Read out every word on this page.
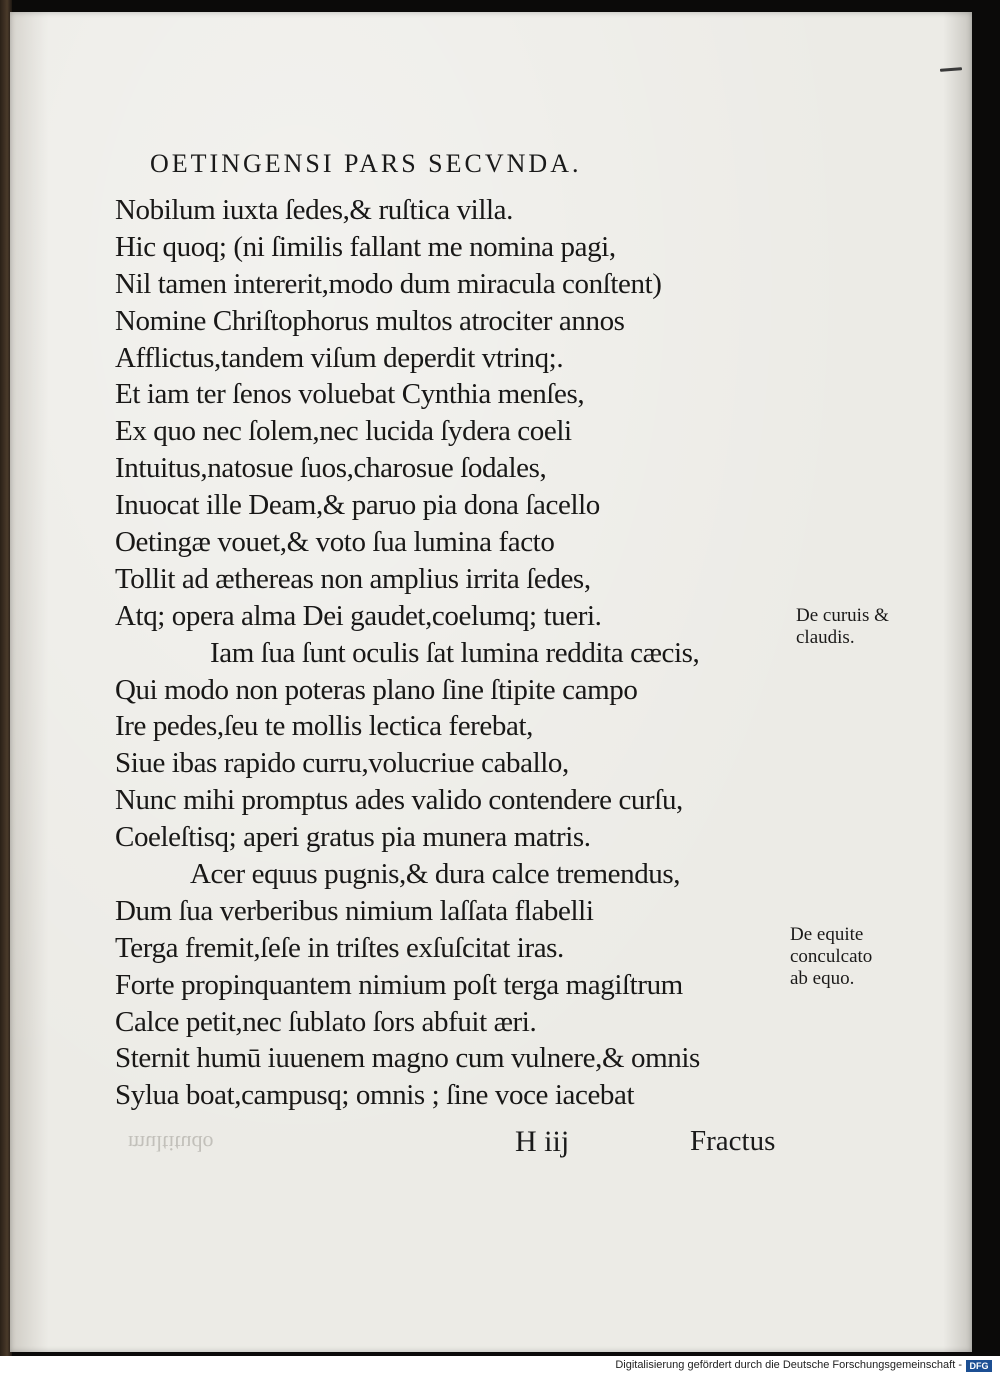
OETINGENSI PARS SECVNDA.
Nobilum iuxta ſedes,& ruſtica villa.
Hic quoq; (ni ſimilis fallant me nomina pagi,
Nil tamen intererit,modo dum miracula conſtent)
Nomine Chriſtophorus multos atrociter annos
Afflictus,tandem viſum deperdit vtrinq;.
Et iam ter ſenos voluebat Cynthia menſes,
Ex quo nec ſolem,nec lucida ſydera coeli
Intuitus,natosue ſuos,charosue ſodales,
Inuocat ille Deam,& paruo pia dona ſacello
Oetingæ vouet,& voto ſua lumina facto
Tollit ad æthereas non amplius irrita ſedes,
Atq; opera alma Dei gaudet,coelumq; tueri.
Iam ſua ſunt oculis ſat lumina reddita cæcis,
Qui modo non poteras plano ſine ſtipite campo
Ire pedes,ſeu te mollis lectica ferebat,
Siue ibas rapido curru,volucriue caballo,
Nunc mihi promptus ades valido contendere curſu,
Coeleſtisq; aperi gratus pia munera matris.
Acer equus pugnis,& dura calce tremendus,
Dum ſua verberibus nimium laſſata flabelli
Terga fremit,ſeſe in triſtes exſuſcitat iras.
Forte propinquantem nimium poſt terga magiſtrum
Calce petit,nec ſublato ſors abfuit æri.
Sternit humū iuuenem magno cum vulnere,& omnis
Sylua boat,campusq; omnis ; ſine voce iacebat
De curuis &
claudis.
De equite
conculcato
ab equo.
multitudo	H iij	Fractus
Digitalisierung gefördert durch die Deutsche Forschungsgemeinschaft - DFG
